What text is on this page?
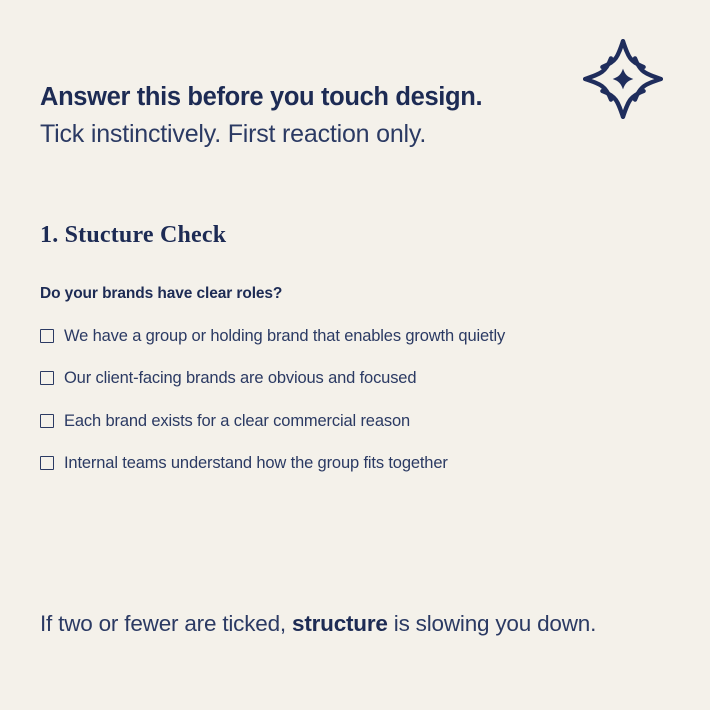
Answer this before you touch design.

Tick instinctively. First reaction only.

1. Stucture Check

Do your brands have clear roles?

We have a group or holding brand that enables growth quietly
Our client-facing brands are obvious and focused
Each brand exists for a clear commercial reason
Internal teams understand how the group fits together
If two or fewer are ticked, structure is slowing you down.
